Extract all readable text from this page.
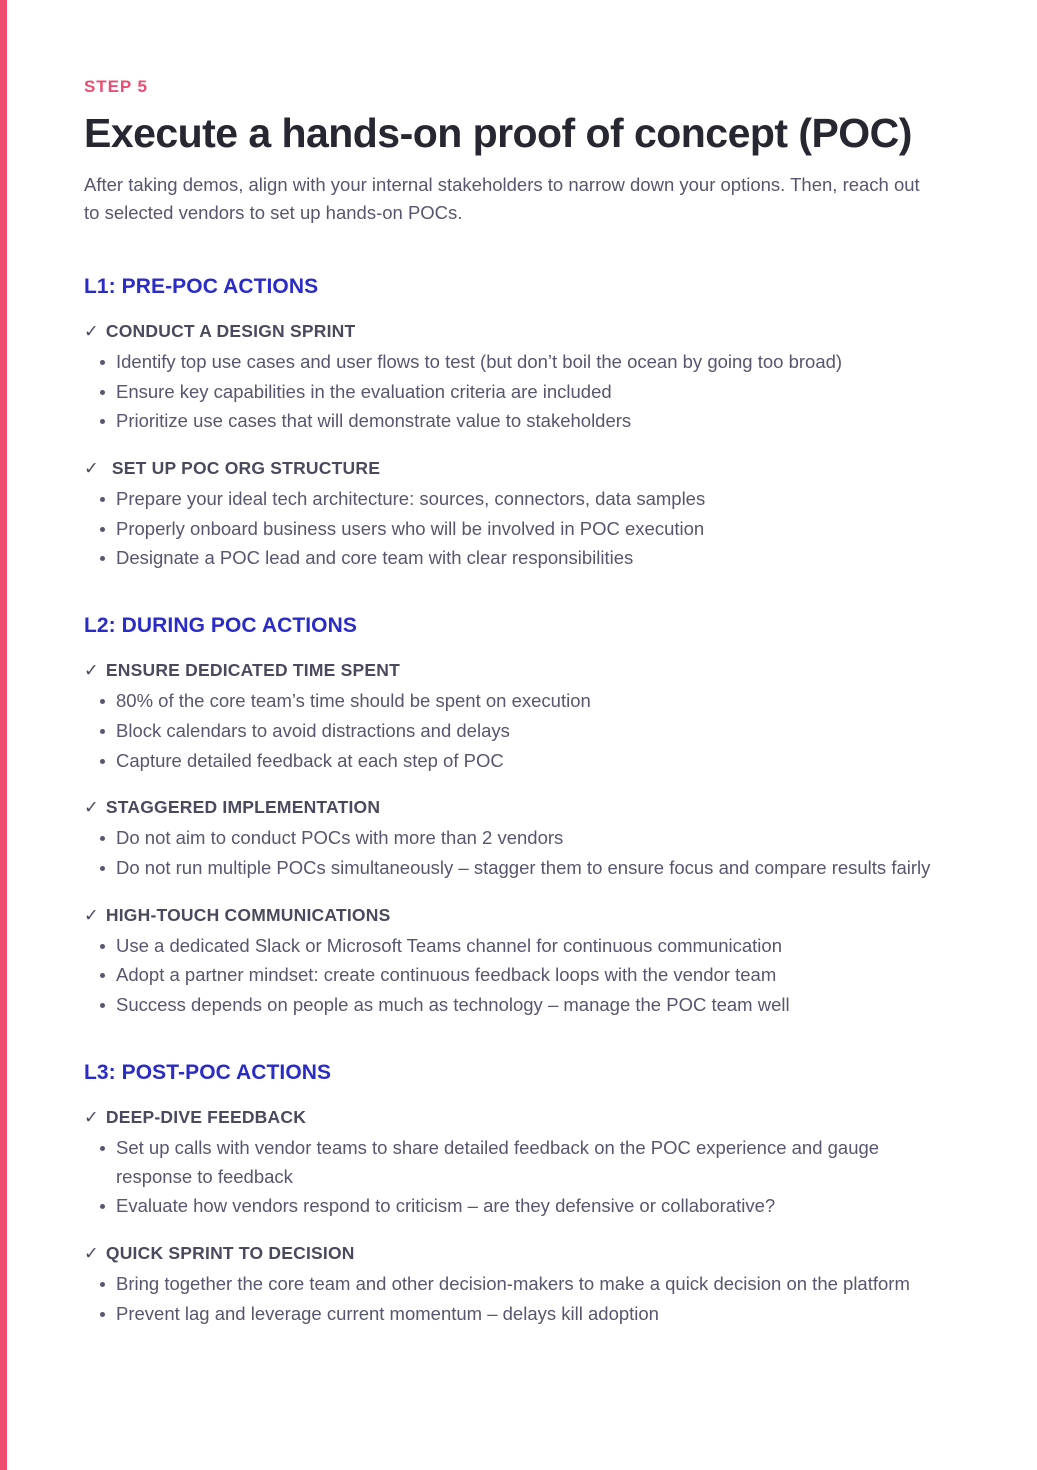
STEP 5
Execute a hands-on proof of concept (POC)

After taking demos, align with your internal stakeholders to narrow down your options. Then, reach out to selected vendors to set up hands-on POCs.

L1: PRE-POC ACTIONS
✓ CONDUCT A DESIGN SPRINT
Identify top use cases and user flows to test (but don’t boil the ocean by going too broad)
Ensure key capabilities in the evaluation criteria are included
Prioritize use cases that will demonstrate value to stakeholders
✓ SET UP POC ORG STRUCTURE
Prepare your ideal tech architecture: sources, connectors, data samples
Properly onboard business users who will be involved in POC execution
Designate a POC lead and core team with clear responsibilities
L2: DURING POC ACTIONS
✓ ENSURE DEDICATED TIME SPENT
80% of the core team’s time should be spent on execution
Block calendars to avoid distractions and delays
Capture detailed feedback at each step of POC
✓ STAGGERED IMPLEMENTATION
Do not aim to conduct POCs with more than 2 vendors
Do not run multiple POCs simultaneously – stagger them to ensure focus and compare results fairly
✓ HIGH-TOUCH COMMUNICATIONS
Use a dedicated Slack or Microsoft Teams channel for continuous communication
Adopt a partner mindset: create continuous feedback loops with the vendor team
Success depends on people as much as technology – manage the POC team well
L3: POST-POC ACTIONS
✓ DEEP-DIVE FEEDBACK
Set up calls with vendor teams to share detailed feedback on the POC experience and gauge response to feedback
Evaluate how vendors respond to criticism – are they defensive or collaborative?
✓ QUICK SPRINT TO DECISION
Bring together the core team and other decision-makers to make a quick decision on the platform
Prevent lag and leverage current momentum – delays kill adoption
